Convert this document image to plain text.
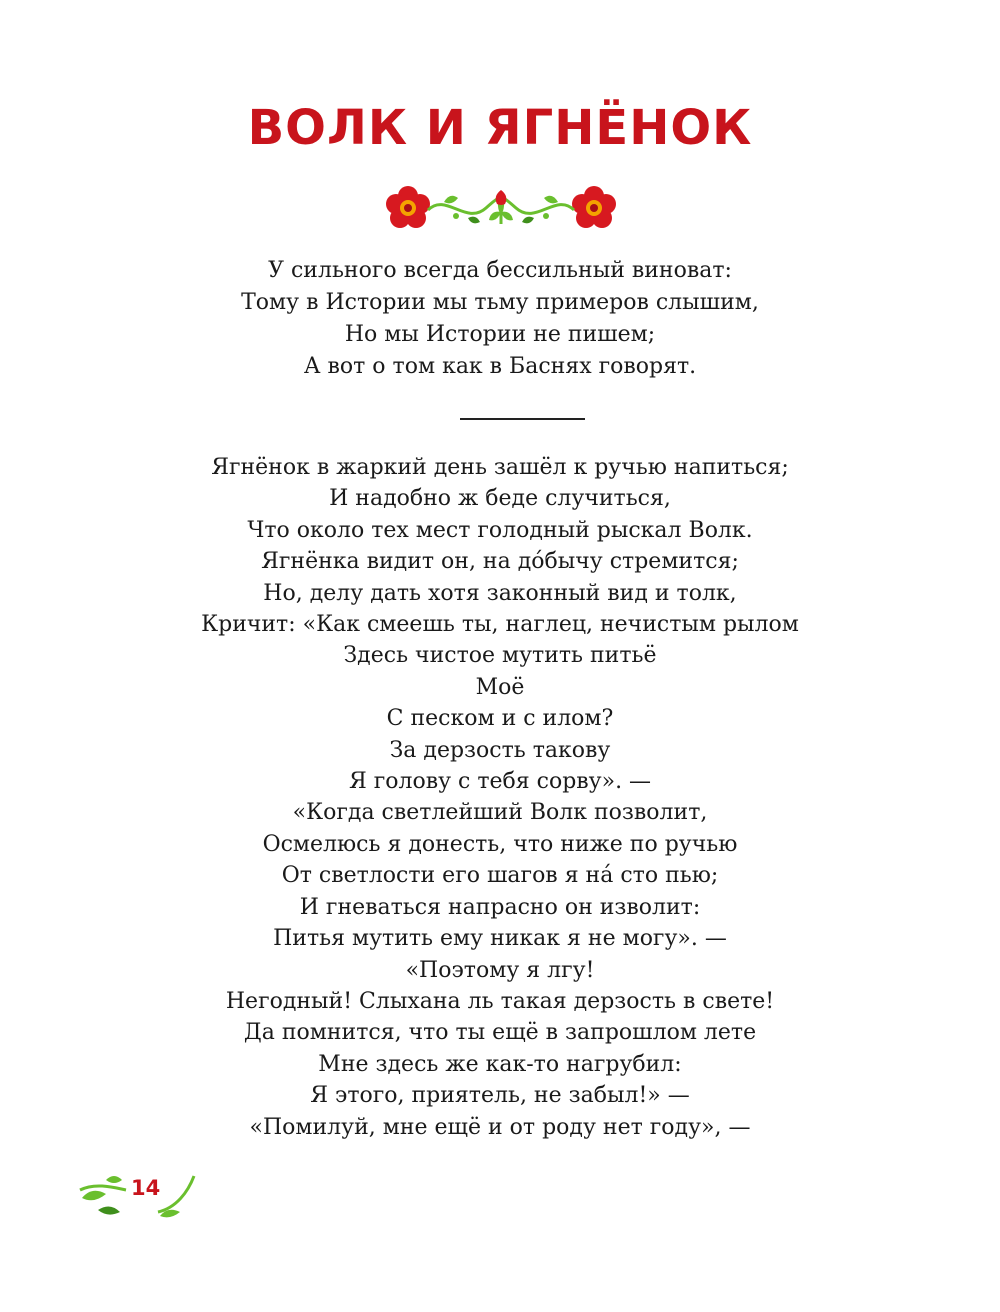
ВОЛК И ЯГНЁНОК
У сильного всегда бессильный виноват:
Тому в Истории мы тьму примеров слышим,
Но мы Истории не пишем;
А вот о том как в Баснях говорят.
Ягнёнок в жаркий день зашёл к ручью напиться;
И надобно ж беде случиться,
Что около тех мест голодный рыскал Волк.
Ягнёнка видит он, на до́бычу стремится;
Но, делу дать хотя законный вид и толк,
Кричит: «Как смеешь ты, наглец, нечистым рылом
Здесь чистое мутить питьё
Моё
С песком и с илом?
За дерзость такову
Я голову с тебя сорву». —
«Когда светлейший Волк позволит,
Осмелюсь я донесть, что ниже по ручью
От светлости его шагов я на́ сто пью;
И гневаться напрасно он изволит:
Питья мутить ему никак я не могу». —
«Поэтому я лгу!
Негодный! Слыхана ль такая дерзость в свете!
Да помнится, что ты ещё в запрошлом лете
Мне здесь же как-то нагрубил:
Я этого, приятель, не забыл!» —
«Помилуй, мне ещё и от роду нет году», —
14
